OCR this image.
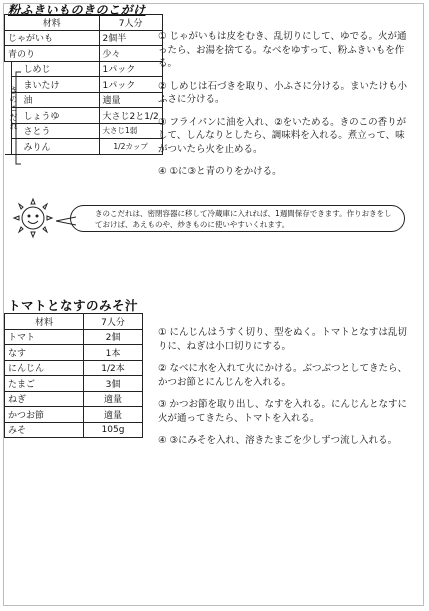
粉ふきいものきのこがけ
材料		7人分
じゃがいも		2個半
青のり		少々
	しめじ	1パック
	まいたけ	1パック
	油	適量
	しょうゆ	大さじ2と1/2
	さとう	大さじ1弱
	みりん	1/2カップ
きのこだれ
① じゃがいもは皮をむき、乱切りにして、ゆでる。火が通ったら、お湯を捨てる。なべをゆすって、粉ふきいもを作る。
② しめじは石づきを取り、小ふさに分ける。まいたけも小ふさに分ける。
③ フライパンに油を入れ、②をいためる。きのこの香りがして、しんなりとしたら、調味料を入れる。煮立って、味がついたら火を止める。
④ ①に③と青のりをかける。
きのこだれは、密閉容器に移して冷蔵庫に入れれば、1週間保存できます。作りおきをしておけば、あえものや、炒きものに使いやすいくれます。
トマトとなすのみそ汁
材料	7人分
トマト	2個
なす	1本
にんじん	1/2本
たまご	3個
ねぎ	適量
かつお節	適量
みそ	105g
① にんじんはうすく切り、型をぬく。トマトとなすは乱切りに、ねぎは小口切りにする。
② なべに水を入れて火にかける。ぶつぶつとしてきたら、かつお節とにんじんを入れる。
③ かつお節を取り出し、なすを入れる。にんじんとなすに火が通ってきたら、トマトを入れる。
④ ③にみそを入れ、溶きたまごを少しずつ流し入れる。
